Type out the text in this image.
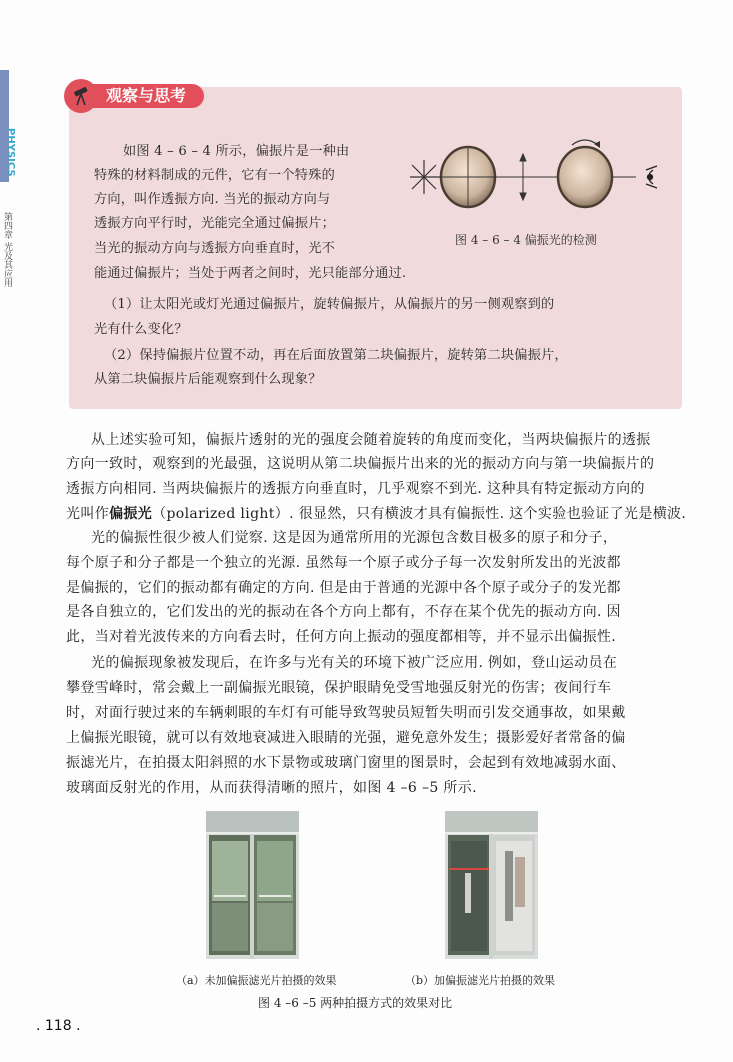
PHYSICS
第四章 光及其应用
观察与思考
如图 4 – 6 – 4 所示，偏振片是一种由
特殊的材料制成的元件，它有一个特殊的
方向，叫作透振方向. 当光的振动方向与
透振方向平行时，光能完全通过偏振片；
当光的振动方向与透振方向垂直时，光不
能通过偏振片；当处于两者之间时，光只能部分通过.
（1）让太阳光或灯光通过偏振片，旋转偏振片，从偏振片的另一侧观察到的
光有什么变化？
（2）保持偏振片位置不动，再在后面放置第二块偏振片，旋转第二块偏振片，
从第二块偏振片后能观察到什么现象？
图 4 – 6 – 4 偏振光的检测
从上述实验可知，偏振片透射的光的强度会随着旋转的角度而变化，当两块偏振片的透振
方向一致时，观察到的光最强，这说明从第二块偏振片出来的光的振动方向与第一块偏振片的
透振方向相同. 当两块偏振片的透振方向垂直时，几乎观察不到光. 这种具有特定振动方向的
光叫作偏振光（polarized light）. 很显然，只有横波才具有偏振性. 这个实验也验证了光是横波.
光的偏振性很少被人们觉察. 这是因为通常所用的光源包含数目极多的原子和分子，
每个原子和分子都是一个独立的光源. 虽然每一个原子或分子每一次发射所发出的光波都
是偏振的，它们的振动都有确定的方向. 但是由于普通的光源中各个原子或分子的发光都
是各自独立的，它们发出的光的振动在各个方向上都有，不存在某个优先的振动方向. 因
此，当对着光波传来的方向看去时，任何方向上振动的强度都相等，并不显示出偏振性.
光的偏振现象被发现后，在许多与光有关的环境下被广泛应用. 例如，登山运动员在
攀登雪峰时，常会戴上一副偏振光眼镜，保护眼睛免受雪地强反射光的伤害；夜间行车
时，对面行驶过来的车辆刺眼的车灯有可能导致驾驶员短暂失明而引发交通事故，如果戴
上偏振光眼镜，就可以有效地衰减进入眼睛的光强，避免意外发生；摄影爱好者常备的偏
振滤光片，在拍摄太阳斜照的水下景物或玻璃门窗里的图景时，会起到有效地减弱水面、
玻璃面反射光的作用，从而获得清晰的照片，如图 4 –6 –5 所示.
（a）未加偏振滤光片拍摄的效果	（b）加偏振滤光片拍摄的效果
图 4 –6 –5 两种拍摄方式的效果对比
. 118 .
